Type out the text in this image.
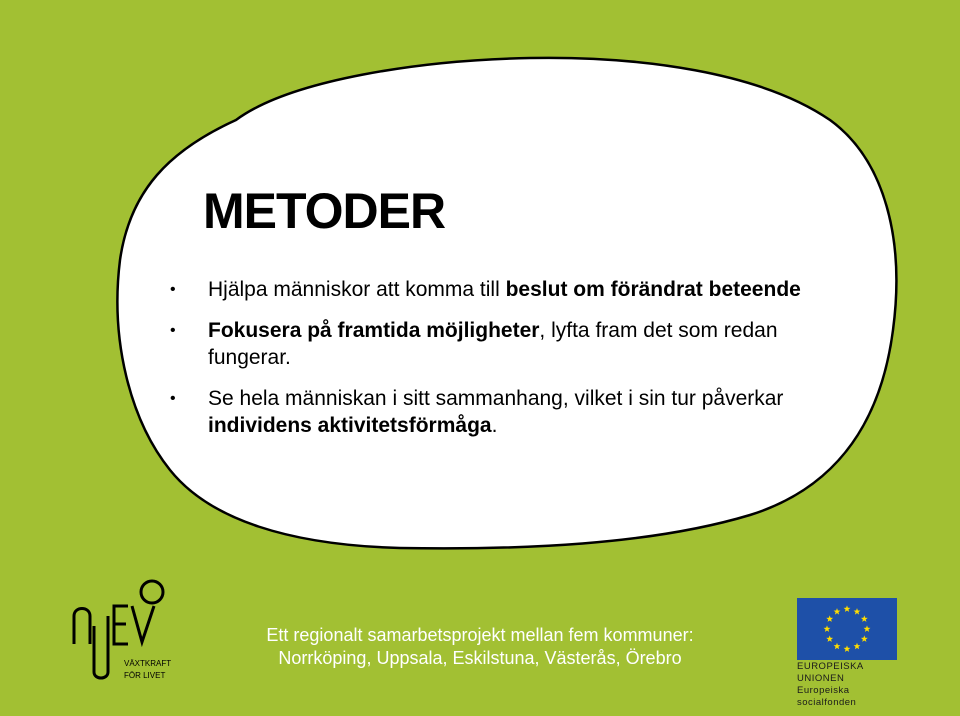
METODER
• Hjälpa människor att komma till beslut om förändrat beteende
• Fokusera på framtida möjligheter, lyfta fram det som redan fungerar.
• Se hela människan i sitt sammanhang, vilket i sin tur påverkar individens aktivitetsförmåga.
VÄXTKRAFT
FÖR LIVET
Ett regionalt samarbetsprojekt mellan fem kommuner:
Norrköping, Uppsala, Eskilstuna, Västerås, Örebro	EUROPEISKA UNIONEN
Europeiska socialfonden
